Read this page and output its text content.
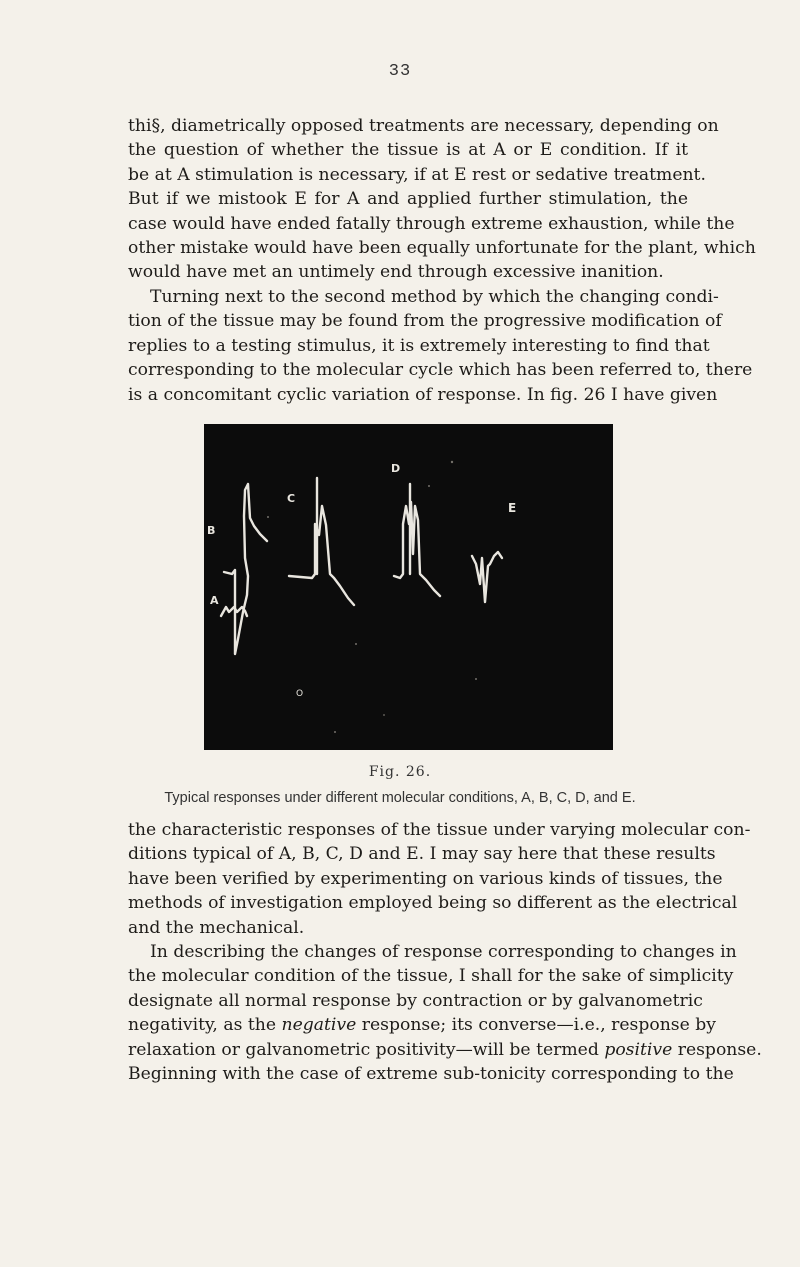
33

thi§, diametrically opposed treatments are necessary, depending on
the question of whether the tissue is at A or E condition. If it
be at A stimulation is necessary, if at E rest or sedative treatment.
But if we mistook E for A and applied further stimulation, the
case would have ended fatally through extreme exhaustion, while the
other mistake would have been equally unfortunate for the plant, which
would have met an untimely end through excessive inanition.

Turning next to the second method by which the changing condi-
tion of the tissue may be found from the progressive modification of
replies to a testing stimulus, it is extremely interesting to find that
corresponding to the molecular cycle which has been referred to, there
is a concomitant cyclic variation of response. In fig. 26 I have given

A
B
C
D
E
O
Fig. 26.
Typical responses under different molecular conditions, A, B, C, D, and E.

the characteristic responses of the tissue under varying molecular con-
ditions typical of A, B, C, D and E. I may say here that these results
have been verified by experimenting on various kinds of tissues, the
methods of investigation employed being so different as the electrical
and the mechanical.

In describing the changes of response corresponding to changes in
the molecular condition of the tissue, I shall for the sake of simplicity
designate all normal response by contraction or by galvanometric
negativity, as the negative response; its converse—i.e., response by
relaxation or galvanometric positivity—will be termed positive response.
Beginning with the case of extreme sub-tonicity corresponding to the
